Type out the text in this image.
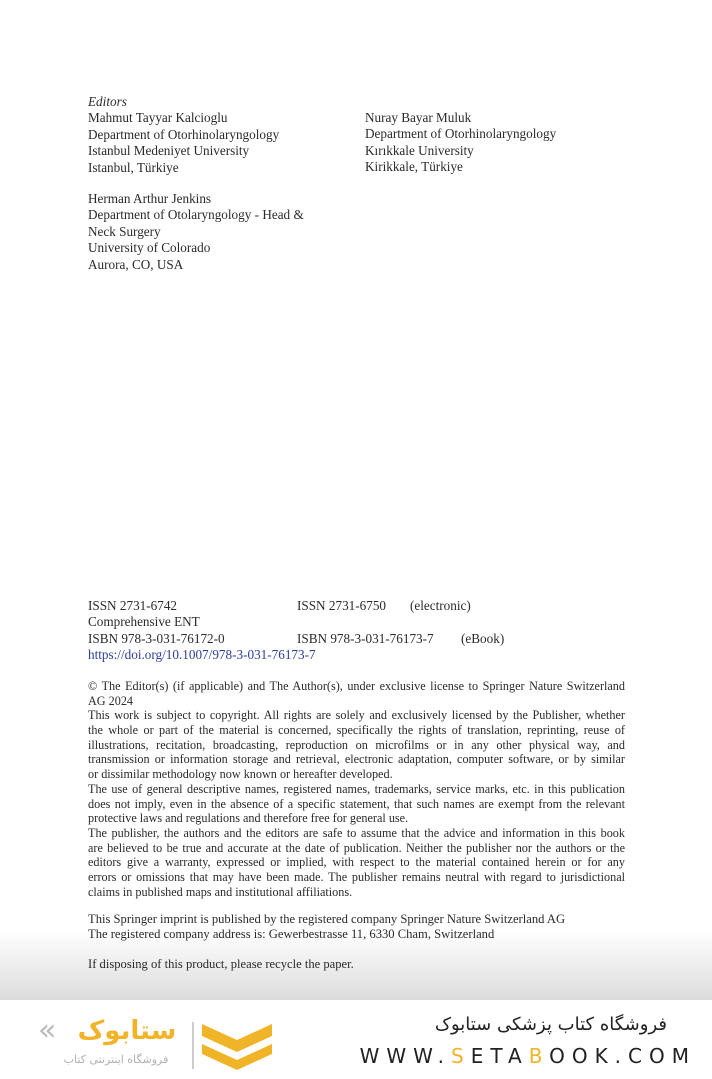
Editors
Mahmut Tayyar Kalcioglu
Department of Otorhinolaryngology
Istanbul Medeniyet University
Istanbul, Türkiye
Nuray Bayar Muluk
Department of Otorhinolaryngology
Kırıkkale University
Kirikkale, Türkiye
Herman Arthur Jenkins
Department of Otolaryngology - Head &
Neck Surgery
University of Colorado
Aurora, CO, USA
ISSN 2731-6742	ISSN 2731-6750 (electronic)
Comprehensive ENT
ISBN 978-3-031-76172-0	ISBN 978-3-031-76173-7 (eBook)
https://doi.org/10.1007/978-3-031-76173-7
© The Editor(s) (if applicable) and The Author(s), under exclusive license to Springer Nature Switzerland
AG 2024
This work is subject to copyright. All rights are solely and exclusively licensed by the Publisher, whether
the whole or part of the material is concerned, specifically the rights of translation, reprinting, reuse of
illustrations, recitation, broadcasting, reproduction on microfilms or in any other physical way, and
transmission or information storage and retrieval, electronic adaptation, computer software, or by similar
or dissimilar methodology now known or hereafter developed.
The use of general descriptive names, registered names, trademarks, service marks, etc. in this publication
does not imply, even in the absence of a specific statement, that such names are exempt from the relevant
protective laws and regulations and therefore free for general use.
The publisher, the authors and the editors are safe to assume that the advice and information in this book
are believed to be true and accurate at the date of publication. Neither the publisher nor the authors or the
editors give a warranty, expressed or implied, with respect to the material contained herein or for any
errors or omissions that may have been made. The publisher remains neutral with regard to jurisdictional
claims in published maps and institutional affiliations.
This Springer imprint is published by the registered company Springer Nature Switzerland AG
The registered company address is: Gewerbestrasse 11, 6330 Cham, Switzerland
If disposing of this product, please recycle the paper.
« ستابوک
فروشگاه اینترنتی کتاب
فروشگاه کتاب پزشکی ستابوک
WWW.SETABOOK.COM
